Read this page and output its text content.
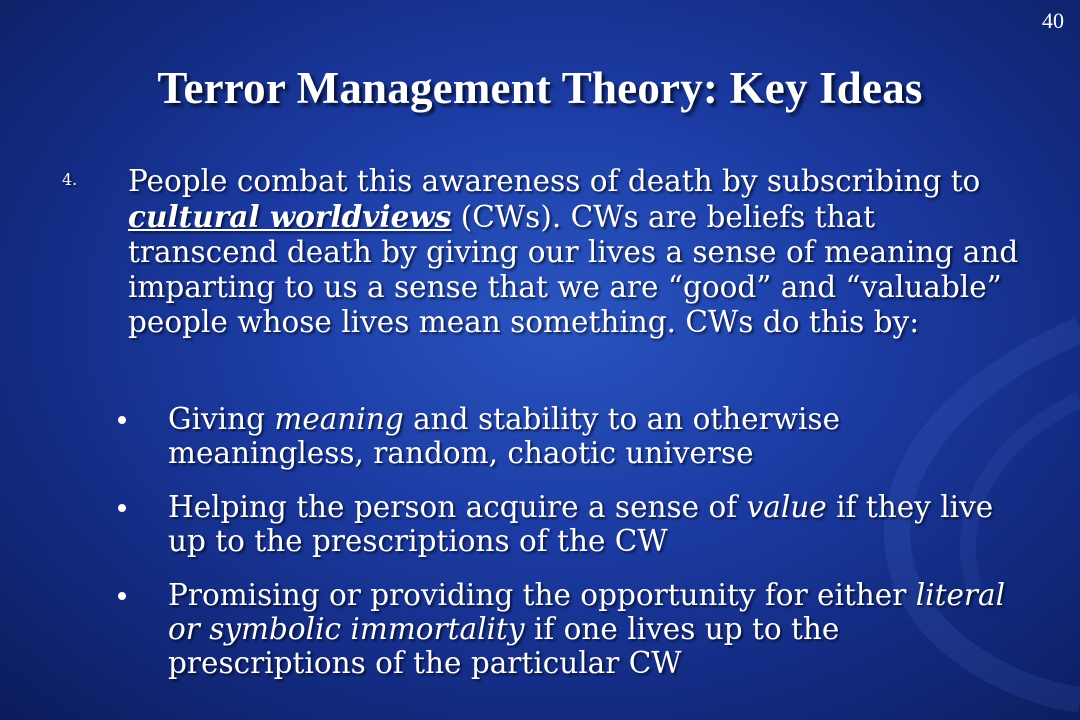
40
Terror Management Theory: Key Ideas
4. People combat this awareness of death by subscribing to cultural worldviews (CWs). CWs are beliefs that transcend death by giving our lives a sense of meaning and imparting to us a sense that we are “good” and “valuable” people whose lives mean something. CWs do this by:
Giving meaning and stability to an otherwise meaningless, random, chaotic universe
Helping the person acquire a sense of value if they live up to the prescriptions of the CW
Promising or providing the opportunity for either literal or symbolic immortality if one lives up to the prescriptions of the particular CW
